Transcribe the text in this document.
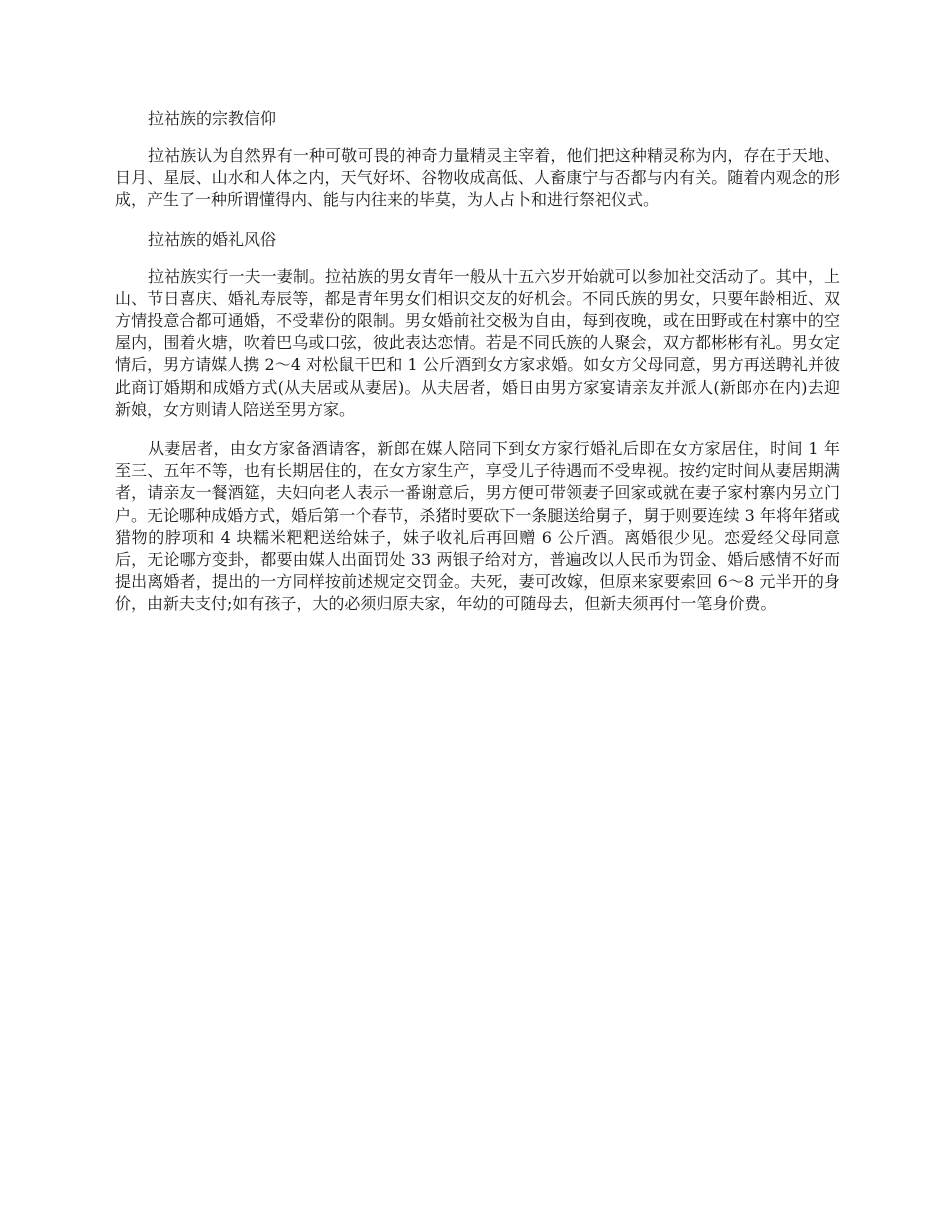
拉祜族的宗教信仰

拉祜族认为自然界有一种可敬可畏的神奇力量精灵主宰着，他们把这种精灵称为内，存在于天地、日月、星辰、山水和人体之内，天气好坏、谷物收成高低、人畜康宁与否都与内有关。随着内观念的形成，产生了一种所谓懂得内、能与内往来的毕莫，为人占卜和进行祭祀仪式。

拉祜族的婚礼风俗

拉祜族实行一夫一妻制。拉祜族的男女青年一般从十五六岁开始就可以参加社交活动了。其中，上山、节日喜庆、婚礼寿辰等，都是青年男女们相识交友的好机会。不同氏族的男女，只要年龄相近、双方情投意合都可通婚，不受辈份的限制。男女婚前社交极为自由，每到夜晚，或在田野或在村寨中的空屋内，围着火塘，吹着巴乌或口弦，彼此表达恋情。若是不同氏族的人聚会，双方都彬彬有礼。男女定情后，男方请媒人携 2～4 对松鼠干巴和 1 公斤酒到女方家求婚。如女方父母同意，男方再送聘礼并彼此商订婚期和成婚方式(从夫居或从妻居)。从夫居者，婚日由男方家宴请亲友并派人(新郎亦在内)去迎新娘，女方则请人陪送至男方家。

从妻居者，由女方家备酒请客，新郎在媒人陪同下到女方家行婚礼后即在女方家居住，时间 1 年至三、五年不等，也有长期居住的，在女方家生产，享受儿子待遇而不受卑视。按约定时间从妻居期满者，请亲友一餐酒筵，夫妇向老人表示一番谢意后，男方便可带领妻子回家或就在妻子家村寨内另立门户。无论哪种成婚方式，婚后第一个春节，杀猪时要砍下一条腿送给舅子，舅于则要连续 3 年将年猪或猎物的脖项和 4 块糯米粑粑送给妹子，妹子收礼后再回赠 6 公斤酒。离婚很少见。恋爱经父母同意后，无论哪方变卦，都要由媒人出面罚处 33 两银子给对方，普遍改以人民币为罚金、婚后感情不好而提出离婚者，提出的一方同样按前述规定交罚金。夫死，妻可改嫁，但原来家要索回 6～8 元半开的身价，由新夫支付;如有孩子，大的必须归原夫家，年幼的可随母去，但新夫须再付一笔身价费。
